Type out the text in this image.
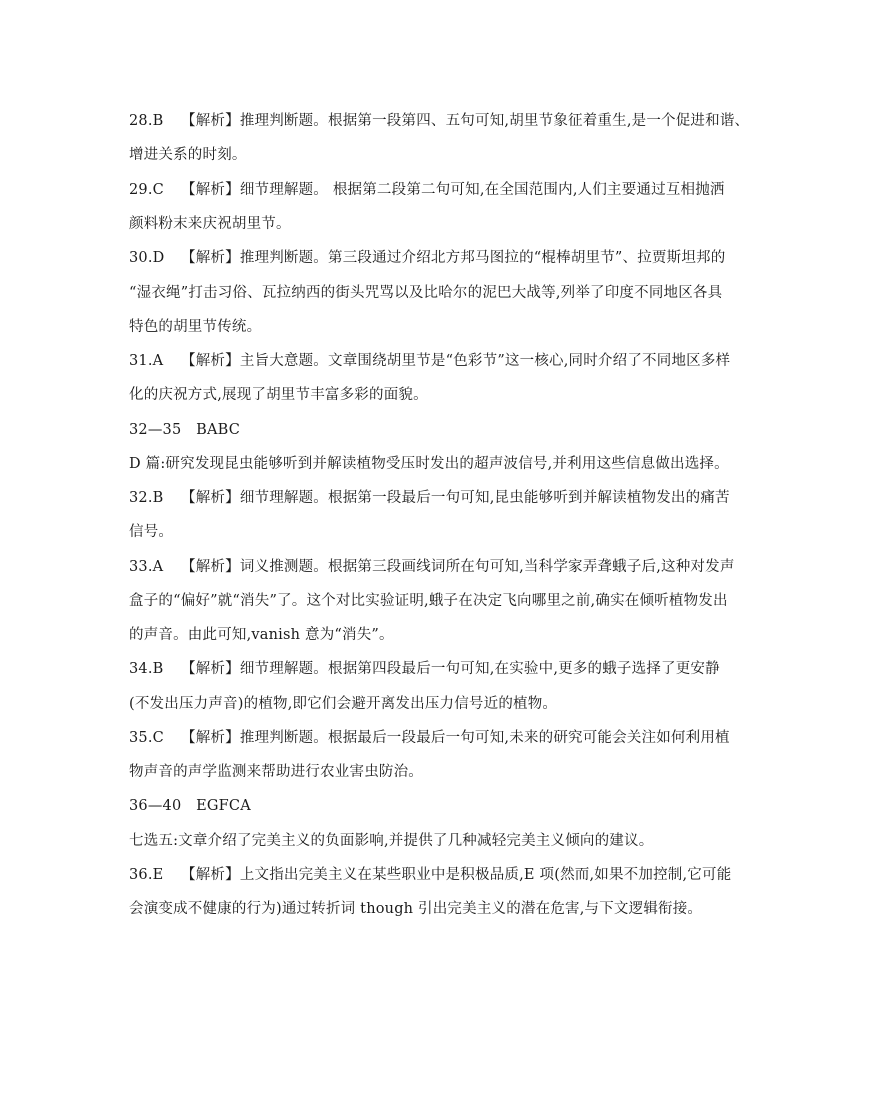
28.B 【解析】推理判断题。根据第一段第四、五句可知,胡里节象征着重生,是一个促进和谐、
增进关系的时刻。
29.C 【解析】细节理解题。 根据第二段第二句可知,在全国范围内,人们主要通过互相抛洒
颜料粉末来庆祝胡里节。
30.D 【解析】推理判断题。第三段通过介绍北方邦马图拉的“棍棒胡里节”、拉贾斯坦邦的
“湿衣绳”打击习俗、瓦拉纳西的街头咒骂以及比哈尔的泥巴大战等,列举了印度不同地区各具
特色的胡里节传统。
31.A 【解析】主旨大意题。文章围绕胡里节是“色彩节”这一核心,同时介绍了不同地区多样
化的庆祝方式,展现了胡里节丰富多彩的面貌。
32—35　BABC
D 篇:研究发现昆虫能够听到并解读植物受压时发出的超声波信号,并利用这些信息做出选择。
32.B 【解析】细节理解题。根据第一段最后一句可知,昆虫能够听到并解读植物发出的痛苦
信号。
33.A 【解析】词义推测题。根据第三段画线词所在句可知,当科学家弄聋蛾子后,这种对发声
盒子的“偏好”就“消失”了。这个对比实验证明,蛾子在决定飞向哪里之前,确实在倾听植物发出
的声音。由此可知,vanish 意为“消失”。
34.B 【解析】细节理解题。根据第四段最后一句可知,在实验中,更多的蛾子选择了更安静
(不发出压力声音)的植物,即它们会避开离发出压力信号近的植物。
35.C 【解析】推理判断题。根据最后一段最后一句可知,未来的研究可能会关注如何利用植
物声音的声学监测来帮助进行农业害虫防治。
36—40　EGFCA
七选五:文章介绍了完美主义的负面影响,并提供了几种减轻完美主义倾向的建议。
36.E 【解析】上文指出完美主义在某些职业中是积极品质,E 项(然而,如果不加控制,它可能
会演变成不健康的行为)通过转折词 though 引出完美主义的潜在危害,与下文逻辑衔接。
